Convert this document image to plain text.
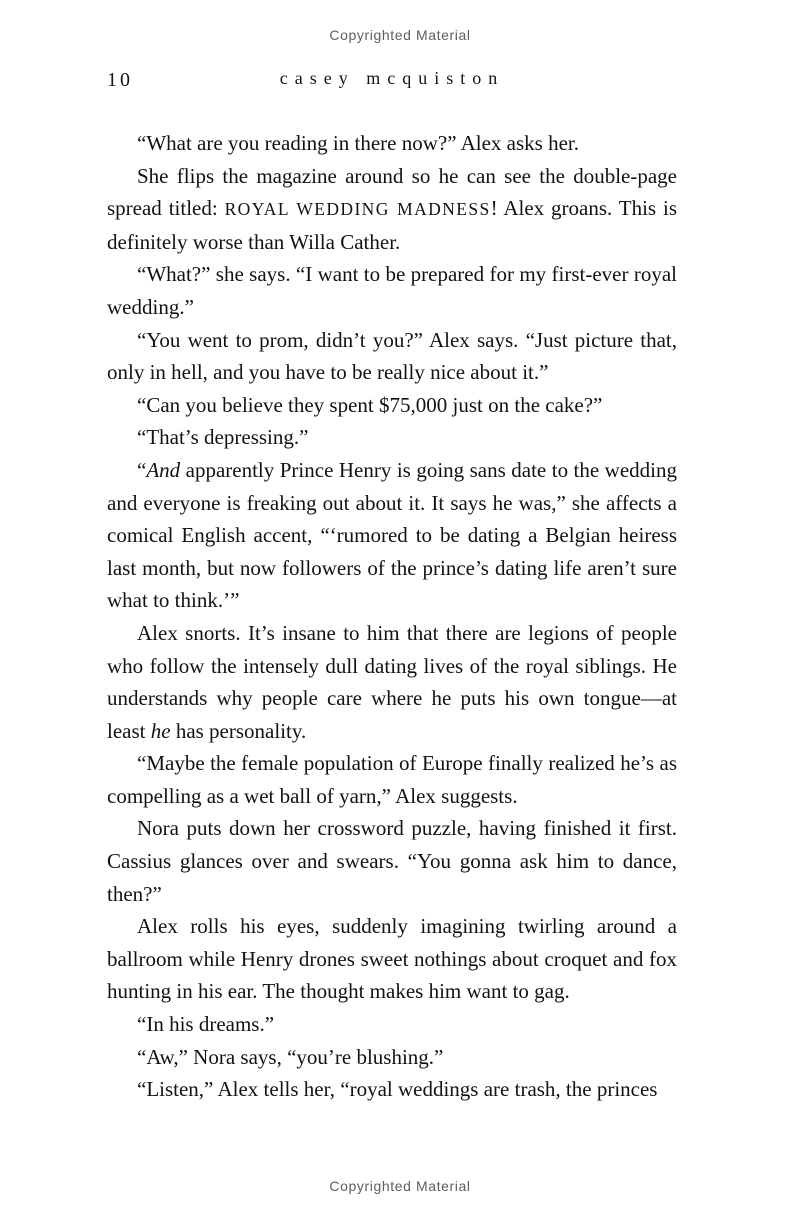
Copyrighted Material
10	casey mcquiston

“What are you reading in there now?” Alex asks her.

She flips the magazine around so he can see the double-page spread titled: ROYAL WEDDING MADNESS! Alex groans. This is definitely worse than Willa Cather.

“What?” she says. “I want to be prepared for my first-ever royal wedding.”

“You went to prom, didn’t you?” Alex says. “Just picture that, only in hell, and you have to be really nice about it.”

“Can you believe they spent $75,000 just on the cake?”

“That’s depressing.”

“And apparently Prince Henry is going sans date to the wedding and everyone is freaking out about it. It says he was,” she affects a comical English accent, “‘rumored to be dating a Belgian heiress last month, but now followers of the prince’s dating life aren’t sure what to think.’”

Alex snorts. It’s insane to him that there are legions of people who follow the intensely dull dating lives of the royal siblings. He understands why people care where he puts his own tongue—at least he has personality.

“Maybe the female population of Europe finally realized he’s as compelling as a wet ball of yarn,” Alex suggests.

Nora puts down her crossword puzzle, having finished it first. Cassius glances over and swears. “You gonna ask him to dance, then?”

Alex rolls his eyes, suddenly imagining twirling around a ballroom while Henry drones sweet nothings about croquet and fox hunting in his ear. The thought makes him want to gag.

“In his dreams.”

“Aw,” Nora says, “you’re blushing.”

“Listen,” Alex tells her, “royal weddings are trash, the princes

Copyrighted Material
